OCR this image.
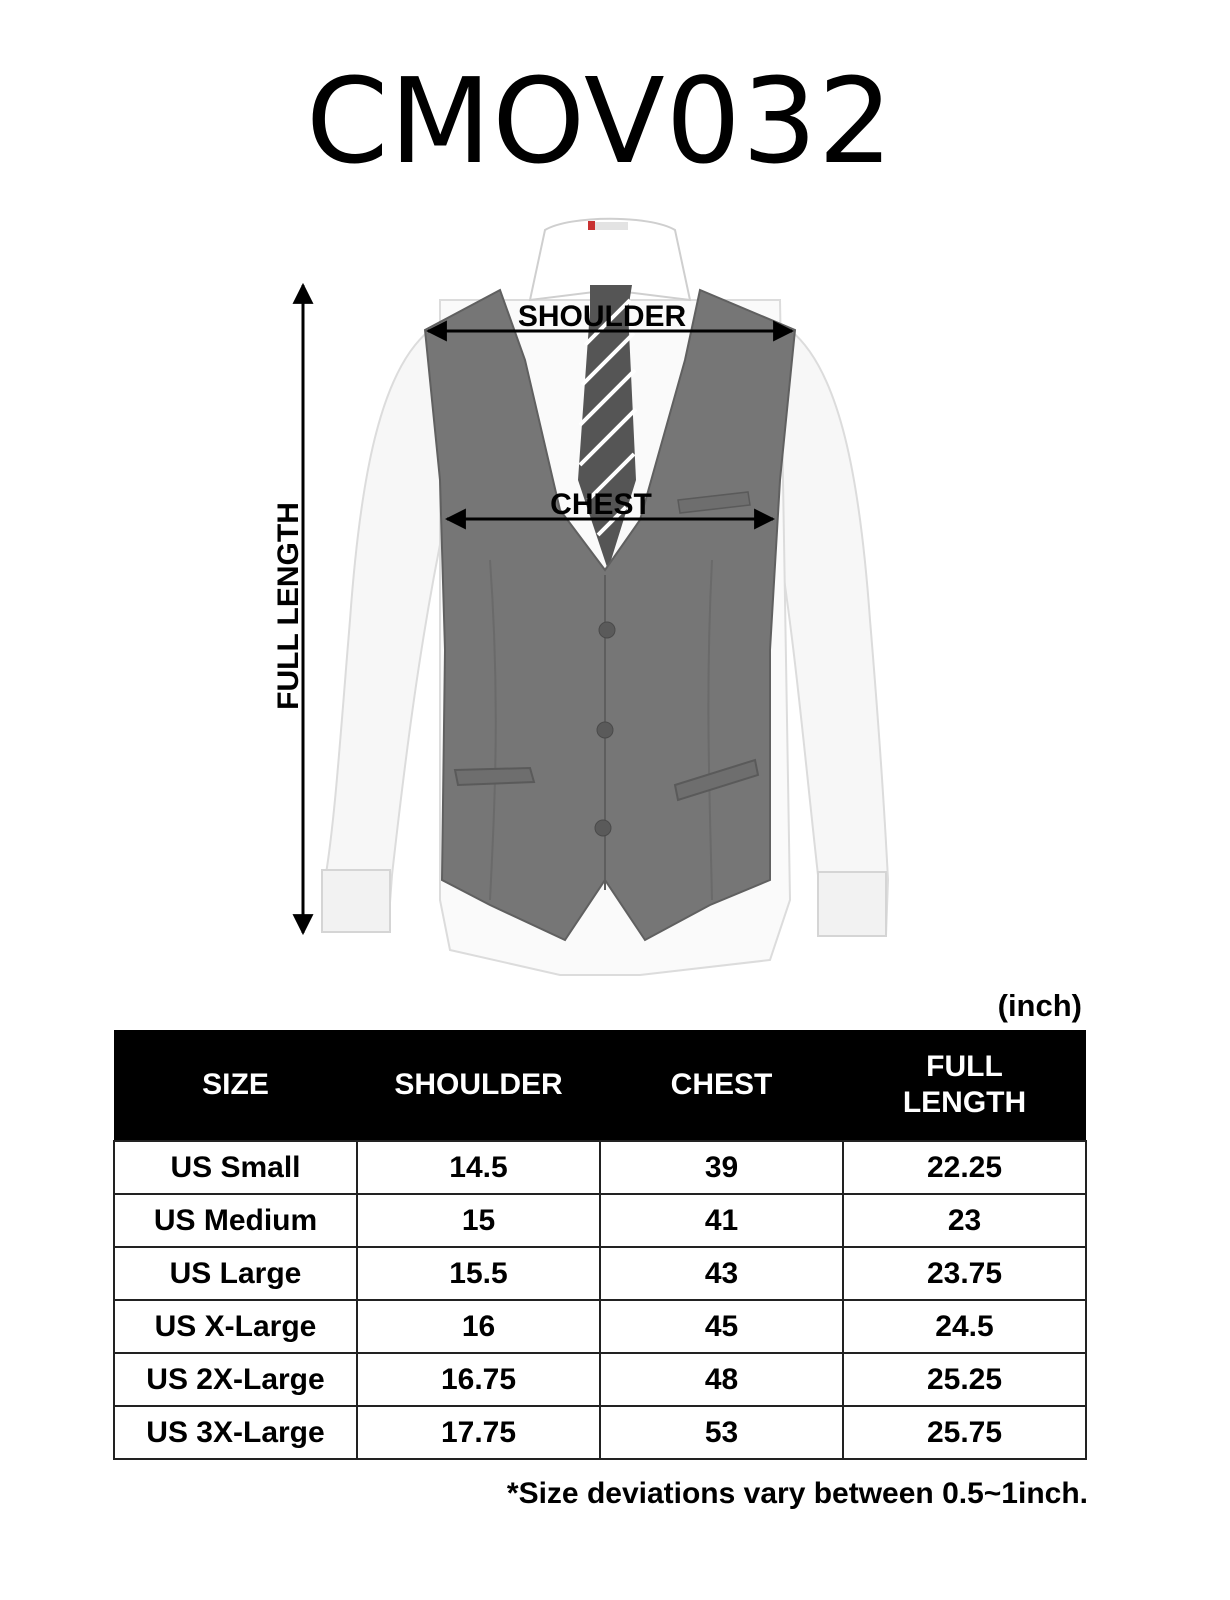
CMOV032
SHOULDER
CHEST
FULL LENGTH
(inch)
SIZE	SHOULDER	CHEST	FULL
LENGTH
US Small	14.5	39	22.25
US Medium	15	41	23
US Large	15.5	43	23.75
US X-Large	16	45	24.5
US 2X-Large	16.75	48	25.25
US 3X-Large	17.75	53	25.75
*Size deviations vary between 0.5~1inch.
